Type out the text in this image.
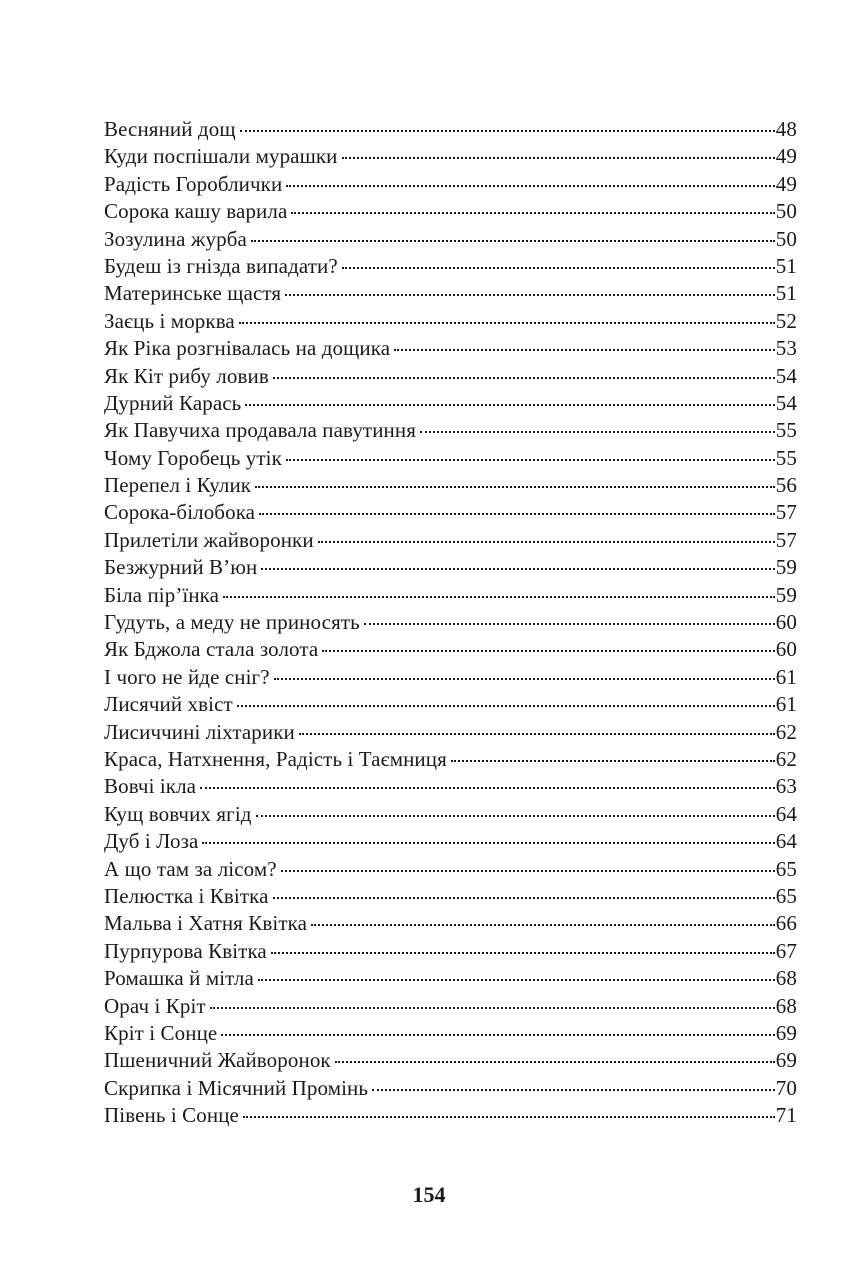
Весняний дощ	48
Куди поспішали мурашки	49
Радість Гороблички	49
Сорока кашу варила	50
Зозулина журба	50
Будеш із гнізда випадати?	51
Материнське щастя	51
Заєць і морква	52
Як Ріка розгнівалась на дощика	53
Як Кіт рибу ловив	54
Дурний Карась	54
Як Павучиха продавала павутиння	55
Чому Горобець утік	55
Перепел і Кулик	56
Сорока-білобока	57
Прилетіли жайворонки	57
Безжурний В’юн	59
Біла пір’їнка	59
Гудуть, а меду не приносять	60
Як Бджола стала золота	60
І чого не йде сніг?	61
Лисячий хвіст	61
Лисиччині ліхтарики	62
Краса, Натхнення, Радість і Таємниця	62
Вовчі ікла	63
Кущ вовчих ягід	64
Дуб і Лоза	64
А що там за лісом?	65
Пелюстка і Квітка	65
Мальва і Хатня Квітка	66
Пурпурова Квітка	67
Ромашка й мітла	68
Орач і Кріт	68
Кріт і Сонце	69
Пшеничний Жайворонок	69
Скрипка і Місячний Промінь	70
Півень і Сонце	71
154
